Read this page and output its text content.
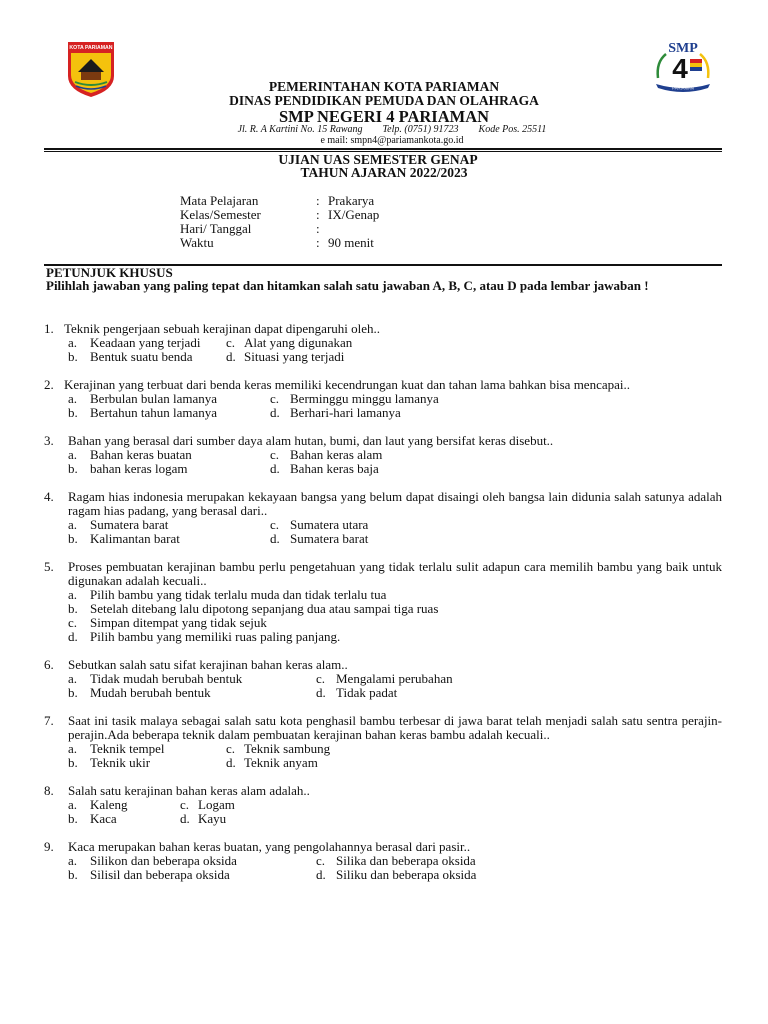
KOTA PARIAMAN	SMP
4
PARIAMAN
PEMERINTAHAN KOTA PARIAMAN
DINAS PENDIDIKAN PEMUDA DAN OLAHRAGA
SMP NEGERI 4 PARIAMAN
Jl. R. A Kartini No. 15 Rawang Telp. (0751) 91723 Kode Pos. 25511
e mail: smpn4@pariamankota.go.id
UJIAN UAS SEMESTER GENAP
TAHUN AJARAN 2022/2023
Mata Pelajaran	: Prakarya
Kelas/Semester	: IX/Genap
Hari/ Tanggal	:
Waktu	: 90 menit
PETUNJUK KHUSUS
Pilihlah jawaban yang paling tepat dan hitamkan salah satu jawaban A, B, C, atau D pada lembar jawaban !
1. Teknik pengerjaan sebuah kerajinan dapat dipengaruhi oleh..
a. Keadaan yang terjadi c. Alat yang digunakan
b. Bentuk suatu benda	d. Situasi yang terjadi
2. Kerajinan yang terbuat dari benda keras memiliki kecendrungan kuat dan tahan lama bahkan bisa mencapai..
a. Berbulan bulan lamanya	c. Berminggu minggu lamanya
b. Bertahun tahun lamanya	d. Berhari-hari lamanya
3. Bahan yang berasal dari sumber daya alam hutan, bumi, dan laut yang bersifat keras disebut..
a. Bahan keras buatan	c. Bahan keras alam
b. bahan keras logam	d. Bahan keras baja
4. Ragam hias indonesia merupakan kekayaan bangsa yang belum dapat disaingi oleh bangsa lain didunia salah satunya adalah ragam hias padang, yang berasal dari..
a. Sumatera barat	c. Sumatera utara
b. Kalimantan barat	d. Sumatera barat
5. Proses pembuatan kerajinan bambu perlu pengetahuan yang tidak terlalu sulit adapun cara memilih bambu yang baik untuk digunakan adalah kecuali..
a. Pilih bambu yang tidak terlalu muda dan tidak terlalu tua
b. Setelah ditebang lalu dipotong sepanjang dua atau sampai tiga ruas
c. Simpan ditempat yang tidak sejuk
d. Pilih bambu yang memiliki ruas paling panjang.
6. Sebutkan salah satu sifat kerajinan bahan keras alam..
a. Tidak mudah berubah bentuk	c. Mengalami perubahan
b. Mudah berubah bentuk	d. Tidak padat
7. Saat ini tasik malaya sebagai salah satu kota penghasil bambu terbesar di jawa barat telah menjadi salah satu sentra perajin- perajin.Ada beberapa teknik dalam pembuatan kerajinan bahan keras bambu adalah kecuali..
a. Teknik tempel	c. Teknik sambung
b. Teknik ukir	d. Teknik anyam
8. Salah satu kerajinan bahan keras alam adalah..
a. Kaleng	c. Logam
b. Kaca	d. Kayu
9. Kaca merupakan bahan keras buatan, yang pengolahannya berasal dari pasir..
a. Silikon dan beberapa oksida	c. Silika dan beberapa oksida
b. Silisil dan beberapa oksida	d. Siliku dan beberapa oksida
